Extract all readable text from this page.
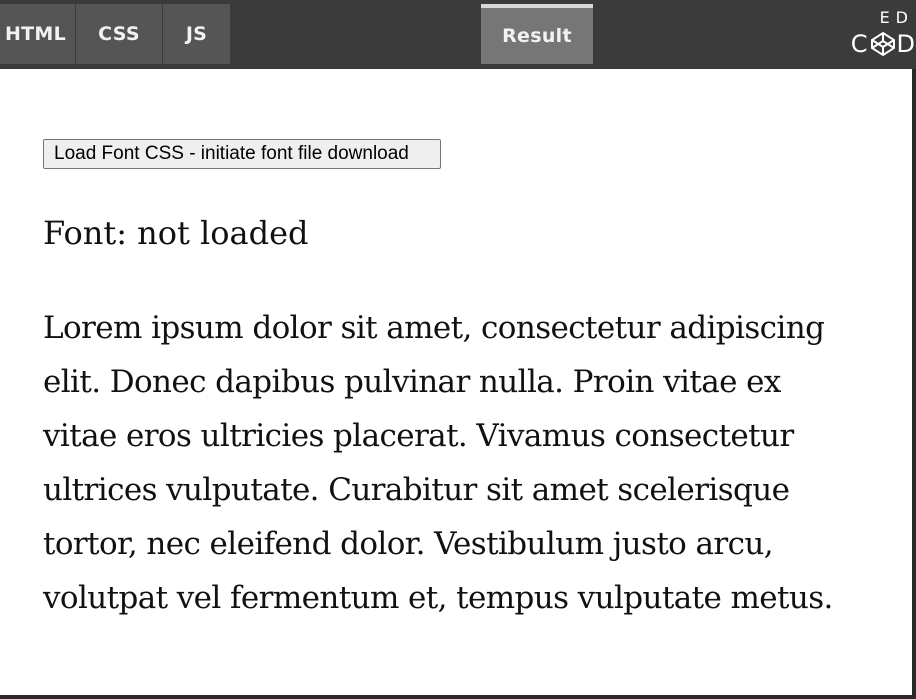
HTML CSS JS	Result
ED
C D
Load Font CSS - initiate font file download
Font: not loaded

Lorem ipsum dolor sit amet, consectetur adipiscing
elit. Donec dapibus pulvinar nulla. Proin vitae ex
vitae eros ultricies placerat. Vivamus consectetur
ultrices vulputate. Curabitur sit amet scelerisque
tortor, nec eleifend dolor. Vestibulum justo arcu,
volutpat vel fermentum et, tempus vulputate metus.
